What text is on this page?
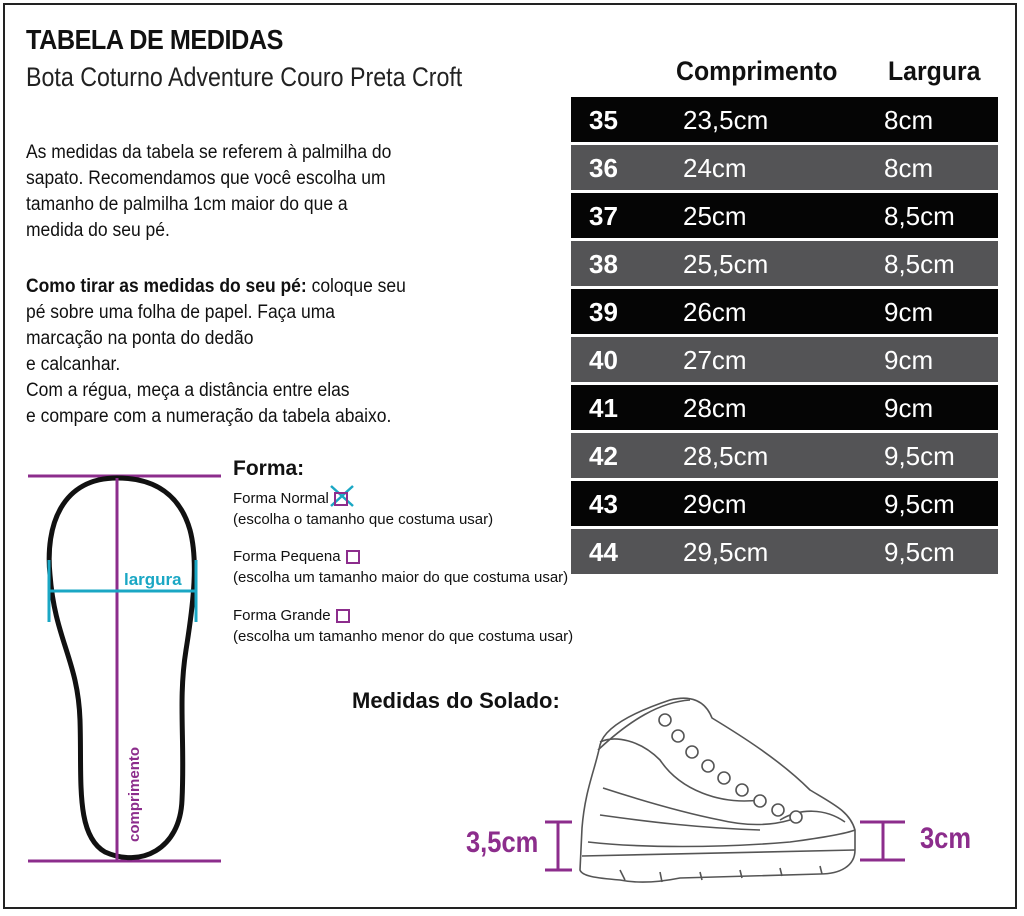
TABELA DE MEDIDAS
Bota Coturno Adventure Couro Preta Croft
As medidas da tabela se referem à palmilha do
sapato. Recomendamos que você escolha um
tamanho de palmilha 1cm maior do que a
medida do seu pé.
Como tirar as medidas do seu pé: coloque seu
pé sobre uma folha de papel. Faça uma
marcação na ponta do dedão
e calcanhar.
Com a régua, meça a distância entre elas
e compare com a numeração da tabela abaixo.
Comprimento Largura
35	23,5cm	8cm
36	24cm	8cm
37	25cm	8,5cm
38	25,5cm	8,5cm
39	26cm	9cm
40	27cm	9cm
41	28cm	9cm
42	28,5cm	9,5cm
43	29cm	9,5cm
44	29,5cm	9,5cm
largura
comprimento
Forma:
Forma Normal
(escolha o tamanho que costuma usar)
Forma Pequena
(escolha um tamanho maior do que costuma usar)
Forma Grande
(escolha um tamanho menor do que costuma usar)
Medidas do Solado:
3,5cm	3cm
